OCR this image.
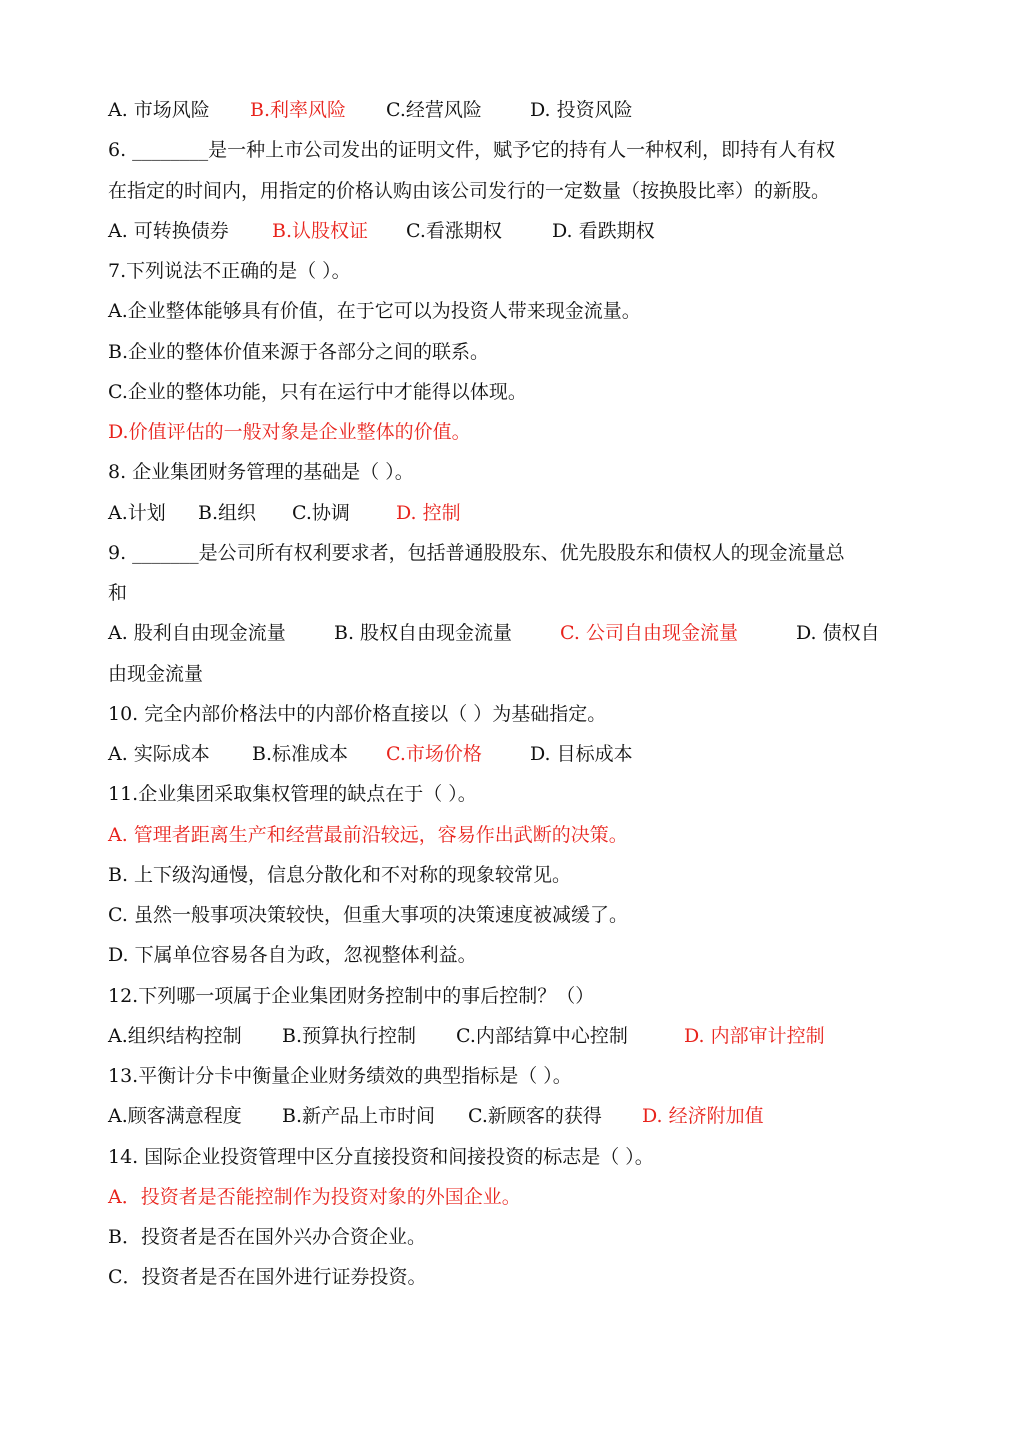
A. 市场风险 B.利率风险 C.经营风险	D. 投资风险
6. ________是一种上市公司发出的证明文件，赋予它的持有人一种权利，即持有人有权
在指定的时间内，用指定的价格认购由该公司发行的一定数量（按换股比率）的新股。
A. 可转换债券 B.认股权证 C.看涨期权	D. 看跌期权
7.下列说法不正确的是（ ）。
A.企业整体能够具有价值，在于它可以为投资人带来现金流量。
B.企业的整体价值来源于各部分之间的联系。
C.企业的整体功能，只有在运行中才能得以体现。
D.价值评估的一般对象是企业整体的价值。
8. 企业集团财务管理的基础是（ ）。
A.计划 B.组织 C.协调 D. 控制
9. _______是公司所有权利要求者，包括普通股股东、优先股股东和债权人的现金流量总
和
A. 股利自由现金流量	B. 股权自由现金流量	C. 公司自由现金流量	D. 债权自
由现金流量
10. 完全内部价格法中的内部价格直接以（ ）为基础指定。
A. 实际成本 B.标准成本 C.市场价格	D. 目标成本
11.企业集团采取集权管理的缺点在于（ ）。
A. 管理者距离生产和经营最前沿较远，容易作出武断的决策。
B. 上下级沟通慢，信息分散化和不对称的现象较常见。
C. 虽然一般事项决策较快，但重大事项的决策速度被减缓了。
D. 下属单位容易各自为政，忽视整体利益。
12.下列哪一项属于企业集团财务控制中的事后控制？（）
A.组织结构控制 B.预算执行控制 C.内部结算中心控制	D. 内部审计控制
13.平衡计分卡中衡量企业财务绩效的典型指标是（ ）。
A.顾客满意程度 B.新产品上市时间 C.新顾客的获得 D. 经济附加值
14. 国际企业投资管理中区分直接投资和间接投资的标志是（ ）。
A．投资者是否能控制作为投资对象的外国企业。
B．投资者是否在国外兴办合资企业。
C．投资者是否在国外进行证券投资。
